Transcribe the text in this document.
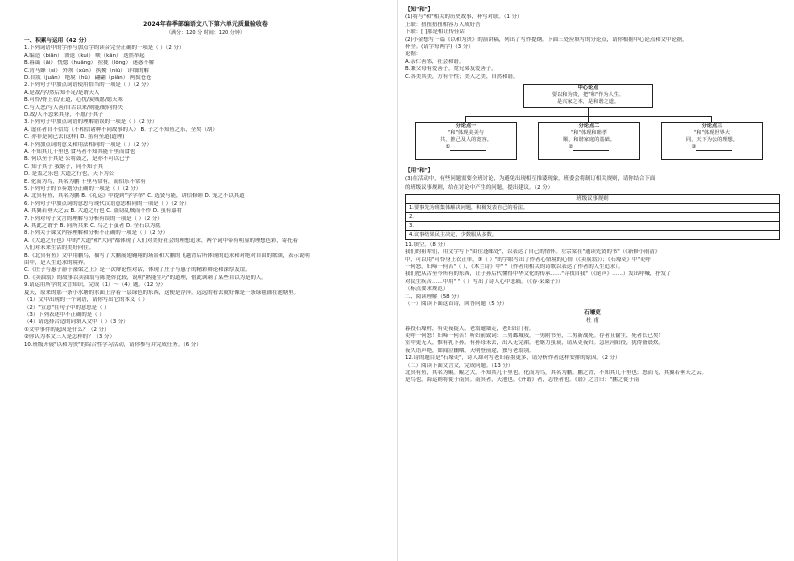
2024年春季部编语文八下第六单元质量验收卷
（满分：120 分 时间：120 分钟）
一、积累与运用（42 分）
1.下列词语中的字形与加点字的读音完全正确的一项是（ ）（2 分）
A.编造（biān） 溃退（kuì） 峡（kǎn） 迭然举起
B.暮霭（ǎi） 恍惚（huǎng） 拉拢（lǒng） 迷惑不解
C.宵马蜂（sì） 外坝（xún） 执拗（niù） 详细的解
D.自戕（juān） 绝境（hǔ） 翩翩（piān） 两鬓苍苍
2.下列句子中加点词语使用恰当的一项是（ ）（2 分）
A.是敌/学/然后知不足/是谓天人
B.可怜/骨上衣/正道，心忧/炭贱愿/愿天寒
C.与人恶/与人善/自古以来/则能/勤问得失
D.故/人不忽来其身，不愿/于其子
3.下列句子中加点词语的理解错误的一项是（ ）（2 分）
A. 虚荏者自不信焉（不相信诸种不同故事的人） B. 子之不知鱼之乐，全矣（胡）
C. 亦非是同已去(这样) D. 虽有至道(道理)
4.下列加点词的意义和用法相同的一项是（ ）（2 分）
A. 不知其几千里也 食马者不知其能千里而食也
B. 何以至于其是 公将鼓之，是亦不可以已乎
C. 知子其子 我妪子，同不知子其
D. 是盖之乐也 大道之行也，天下为公
E. 化而为鸟，其名为鹏 千里马常有，而伯乐不常有
5.下列句子的节奏划分正确的一项是（ ）（2 分）
A. 北冥有鱼，其名为鹏 B.《礼运》中提到"学学举" C. 选贤与能，讲信修睦 D. 笼之不以其道
6.下列句子中加点词的意思与现代汉语意思相同的一项是（ ）（2 分）
A. 其翼若垂天之云 B. 大道之行也 C. 盗窃乱贼而不作 D. 虽有嘉肴
7.下列对句子文言的理解与分析有误的一项是（ ）（2 分）
A. 其此之谓乎 B. 同所共来 C. 鸟之于茧者 D. 全石以为底
8.下列关于课文内容理解和分析不正确的一项是（ ）（2 分）
A.《大道之行也》中的"大道"和"大同"都体现了人们对美好社会的理想追求，两个词中带有明显的理想色彩，寄托着
人们对未来生活的美好向往。
B.《北冥有鱼》文中用鹏鸟，描写了大鹏展翅翱翔的场景和大鹏的飞越背后所体现的追求和对绝对自由的歌颂，表示说明
由中，是人生追求的境界。
C.《庄子与惠子游于濠梁之上》是一次辩论性对话，体现了庄子与惠子的精彩辩论和深厚友谊。
D.《卖油翁》的故事以卖油翁与陈尧咨比较，说明"熟能生巧"的道理，借此讽刺了某些自以为是的人。
9.请运用所学的文言知识，完成（1）～（4）题。（12 分）
夏天，原来的那一条小水塘的水面上浮着一层绿色的东西，这便是浮萍，远远的看去就好像是一条绿毯铺在池塘里。
（1）文中出现的一个词语，请你写出它的本义（ ）
（2）"宣意"在句子中的意思是（ ）
（3）下列表述中不正确的是（ ）
（4）请选择合适的词填入文中（ ）（3 分）
①文中事件的起因是什么？（2 分）
②你认为本文三人是怎样的？（3 分）
10.班级开展"以和为贵"的综合性学习活动，请你参与并完成任务。（6 分）
【知"和"】
(1)将与"和"相关的历史故事，补写对联。（1 分）
上联：扭扭扭扭相容万人成好吾
下联：[ ]那是相让传佳话
(2)小金想写一篇《以和为贵》的演讲稿，列出了写作提纲。下面三处应填写的分论点，请你根据中心论点和文中论据，
补全。(请字每两字)（3 分）
论据：
A.亲仁善邻，社会和谐。
B.兼父母有爱善子，宽兄弟友爱善子。
C.各美其美，方有个性；美人之美，自然和谐。
中心论点
要以和为贵，把"和"作为人生、
是兴家之本，是和谐之道。
分论点一
"和"体现美美与
共，推己及人的宽容。
①
分论点二
"和"体现和睦孝
顺，和谐家庭的基础。
②
分论点三
"和"体现世界大
同，天下为公的理想。
③
【用"和"】
(3)在活动中，有些问题需要全班讨论，为避免出现相互推诿现象，班委会将制订相关规则，请你结合下面
的班级议事规则，给在讨论中产生的问题，提出建议。（2 分）
班级议事规则
1.要事先为班集体解决问题，积极发表自己的看法。
2.
3.
4.议事结果民主决定，少数服从多数。
11.填空。（8 分）
我们的祖辈们，用文字写下"由往逢邮处"，以表达了自己的情怀。左宗棠在"通读先贤的书"（《新修小雨清》
中，可以用"可怜身上衣正单，③（ ）"的字眼写出了作者心情境的心情（《卖炭翁》）；《石壕吏》中"吏呼
一何怒，妇啼一何苦"（ ），《木兰诗》中" "（作者用相关的诗歌以表达了作者的人生追求）。
我们把从古至今所有的东西，让子孙后代懂得中华文化的传承……"寻找自我"（《尾声》……）发出呼喊，抒发了
对民生疾苦……中用" "（ ）写出了诗人心中悲痛。（《春·采桑子》）
（标点要求规范）
二、阅读理解（58 分）
（一）阅读下面这首诗，回答问题（5 分）
石壕吏
杜 甫
暮投石壕村，有吏夜捉人。老翁逾墙走，老妇出门看。
吏呼一何怒！妇啼一何苦！听妇前致词：三男邺城戍。一男附书至，二男新战死。存者且偷生，死者长已矣！
室中更无人，惟有乳下孙。有孙母未去，出入无完裙。老妪力虽衰，请从吏夜归。急应河阳役，犹得备晨炊。
夜久语声绝，如闻泣幽咽。天明登前途，独与老翁别。
12.诗的题目是"石壕吏"，诗人却对写老妇着墨更多，请分析作者这样安排的原因。（2 分）
（二）阅读下面文言文，完成问题。（13 分）
北冥有鱼，其名为鲲。鲲之大，不知其几千里也。化而为鸟，其名为鹏。鹏之背，不知其几千里也；怒而飞，其翼若垂天之云。
是鸟也，海运则将徙于南冥。南冥者，天池也。《齐谐》者，志怪者也。《谐》之言曰："鹏之徙于南
